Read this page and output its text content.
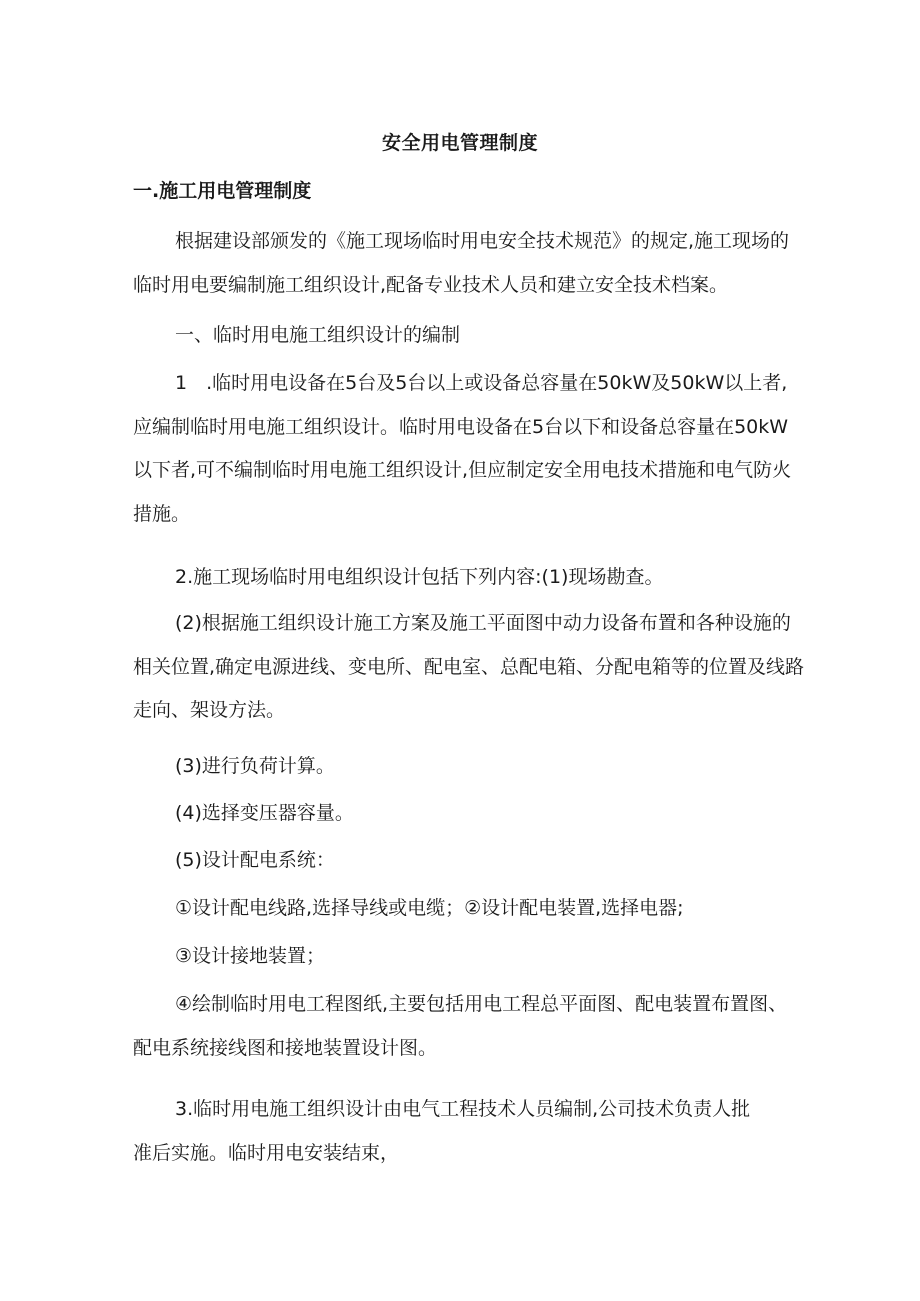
安全用电管理制度
一.施工用电管理制度
根据建设部颁发的《施工现场临时用电安全技术规范》的规定,施工现场的临时用电要编制施工组织设计,配备专业技术人员和建立安全技术档案。
一、临时用电施工组织设计的编制
1　.临时用电设备在5台及5台以上或设备总容量在50kW及50kW以上者,应编制临时用电施工组织设计。临时用电设备在5台以下和设备总容量在50kW以下者,可不编制临时用电施工组织设计,但应制定安全用电技术措施和电气防火措施。
2.施工现场临时用电组织设计包括下列内容:(1)现场勘查。
(2)根据施工组织设计施工方案及施工平面图中动力设备布置和各种设施的相关位置,确定电源进线、变电所、配电室、总配电箱、分配电箱等的位置及线路走向、架设方法。
(3)进行负荷计算。
(4)选择变压器容量。
(5)设计配电系统：
①设计配电线路,选择导线或电缆；②设计配电装置,选择电器;
③设计接地装置；
④绘制临时用电工程图纸,主要包括用电工程总平面图、配电装置布置图、配电系统接线图和接地装置设计图。
3.临时用电施工组织设计由电气工程技术人员编制,公司技术负责人批准后实施。临时用电安装结束，
